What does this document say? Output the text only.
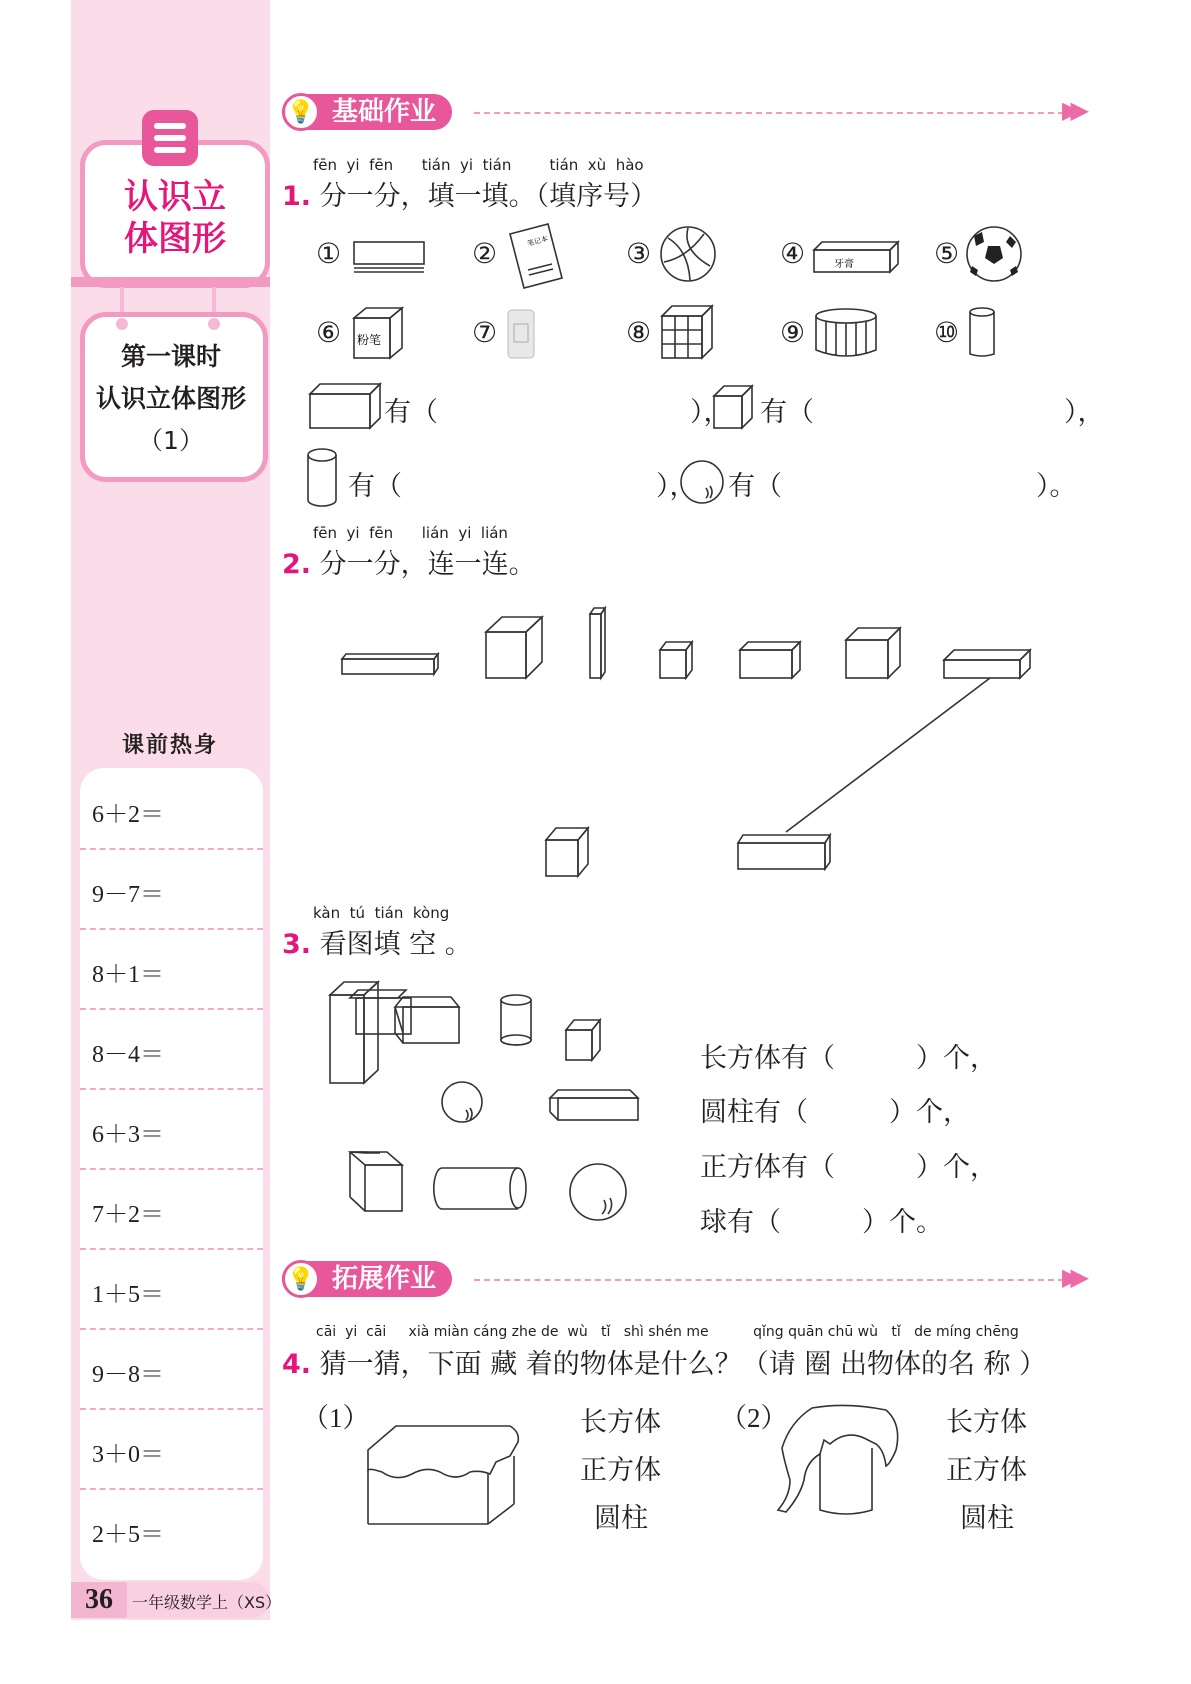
认识立
体图形
第一课时
认识立体图形
（1）
课前热身
6＋2＝
9－7＝
8＋1＝
8－4＝
6＋3＝
7＋2＝
1＋5＝
9－8＝
3＋0＝
2＋5＝
36	一年级数学上（XS）
基础作业
💡	▶▶
fēn  yi  fēn      tián  yi  tián        tián  xù  hào
1. 分一分，填一填。（填序号）
①	②	笔记本	③	④	牙膏	⑤
⑥ 粉笔	⑦	⑧	⑨	⑩
有（	）， 有（	），
有（	）， 有（	）。
fēn  yi  fēn      lián  yi  lián
2. 分一分，连一连。
kàn  tú  tián  kòng
3. 看图填 空 。
长方体有（　　　）个，
圆柱有（　　　）个，
正方体有（　　　）个，
球有（　　　）个。
拓展作业
💡	▶▶
cāi  yi  cāi     xià miàn cáng zhe de  wù   tǐ   shì shén me          qǐng quān chū wù   tǐ   de míng chēng
4. 猜一猜，下面 藏 着的物体是什么？（请 圈 出物体的名 称 ）
（1）	长方体
正方体
圆柱
（2）	长方体
正方体
圆柱
